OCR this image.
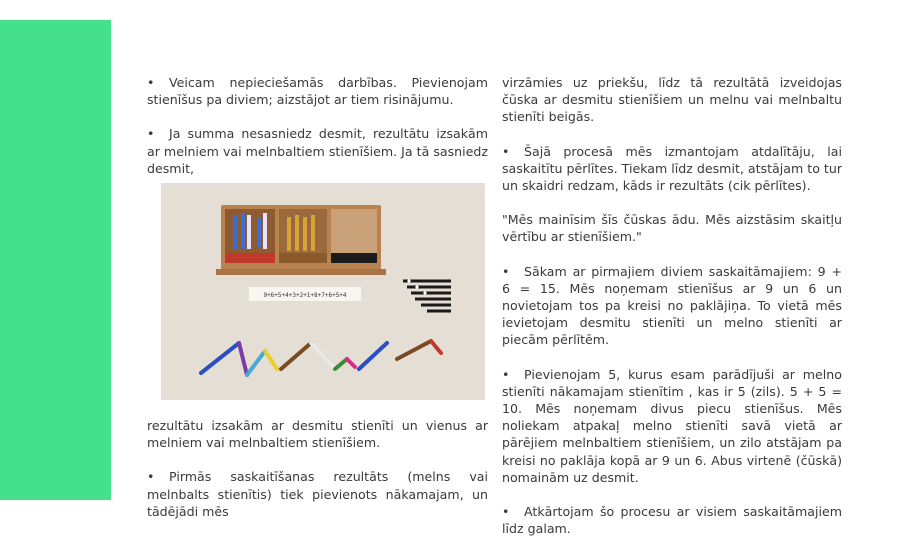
• Veicam nepieciešamās darbības. Pievienojam stienīšus pa diviem; aizstājot ar tiem risinājumu.

• Ja summa nesasniedz desmit, rezultātu izsakām ar melniem vai melnbaltiem stienīšiem. Ja tā sasniedz desmit,

9+6+5+4+3+2+1+8+7+6+5+4

rezultātu izsakām ar desmitu stienīti un vienus ar melniem vai melnbaltiem stienīšiem.

• Pirmās saskaitīšanas rezultāts (melns vai melnbalts stienītis) tiek pievienots nākamajam, un tādējādi mēs

virzāmies uz priekšu, līdz tā rezultātā izveidojas čūska ar desmitu stienīšiem un melnu vai melnbaltu stienīti beigās.

• Šajā procesā mēs izmantojam atdalītāju, lai saskaitītu pērlītes. Tiekam līdz desmit, atstājam to tur un skaidri redzam, kāds ir rezultāts (cik pērlītes).

"Mēs mainīsim šīs čūskas ādu. Mēs aizstāsim skaitļu vērtību ar stienīšiem."

• Sākam ar pirmajiem diviem saskaitāmajiem: 9 + 6 = 15. Mēs noņemam stienīšus ar 9 un 6 un novietojam tos pa kreisi no paklājiņa. To vietā mēs ievietojam desmitu stienīti un melno stienīti ar piecām pērlītēm.

• Pievienojam 5, kurus esam parādījuši ar melno stienīti nākamajam stienītim , kas ir 5 (zils). 5 + 5 = 10. Mēs noņemam divus piecu stienīšus. Mēs noliekam atpakaļ melno stienīti savā vietā ar pārējiem melnbaltiem stienīšiem, un zilo atstājam pa kreisi no paklāja kopā ar 9 un 6. Abus virtenē (čūskā) nomainām uz desmit.

• Atkārtojam šo procesu ar visiem saskaitāmajiem līdz galam.
